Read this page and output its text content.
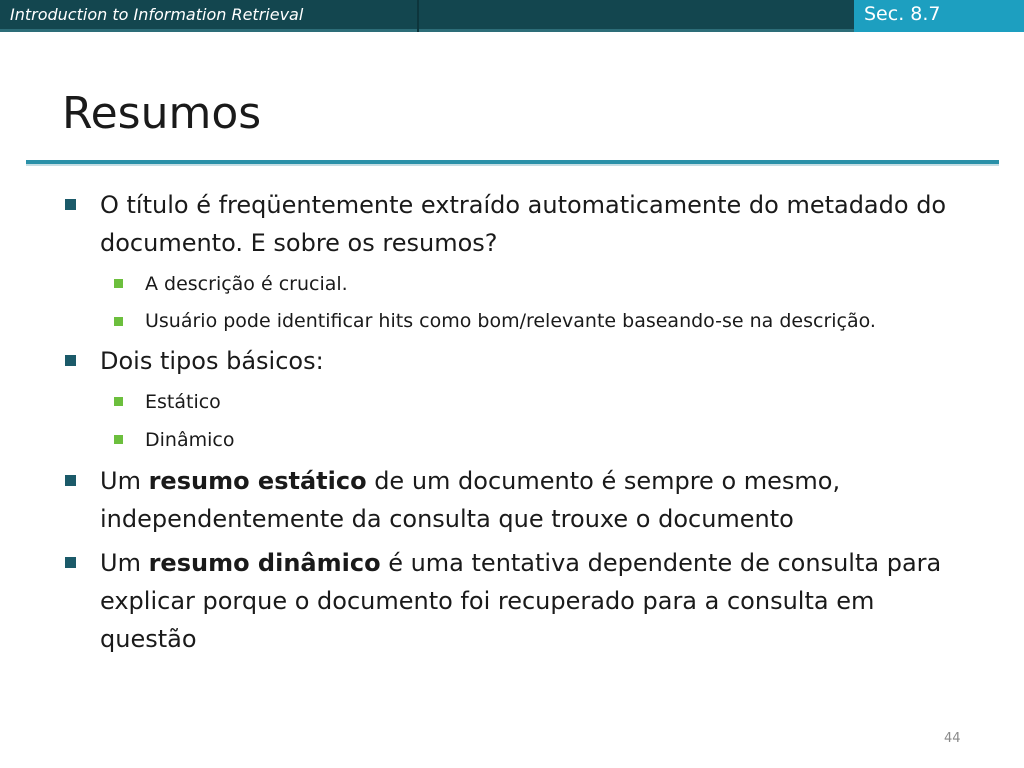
Introduction to Information Retrieval	Sec. 8.7
Resumos
O título é freqüentemente extraído automaticamente do metadado do documento. E sobre os resumos?
A descrição é crucial.
Usuário pode identificar hits como bom/relevante baseando-se na descrição.
Dois tipos básicos:
Estático
Dinâmico
Um resumo estático de um documento é sempre o mesmo, independentemente da consulta que trouxe o documento
Um resumo dinâmico é uma tentativa dependente de consulta para explicar porque o documento foi recuperado para a consulta em questão
44
